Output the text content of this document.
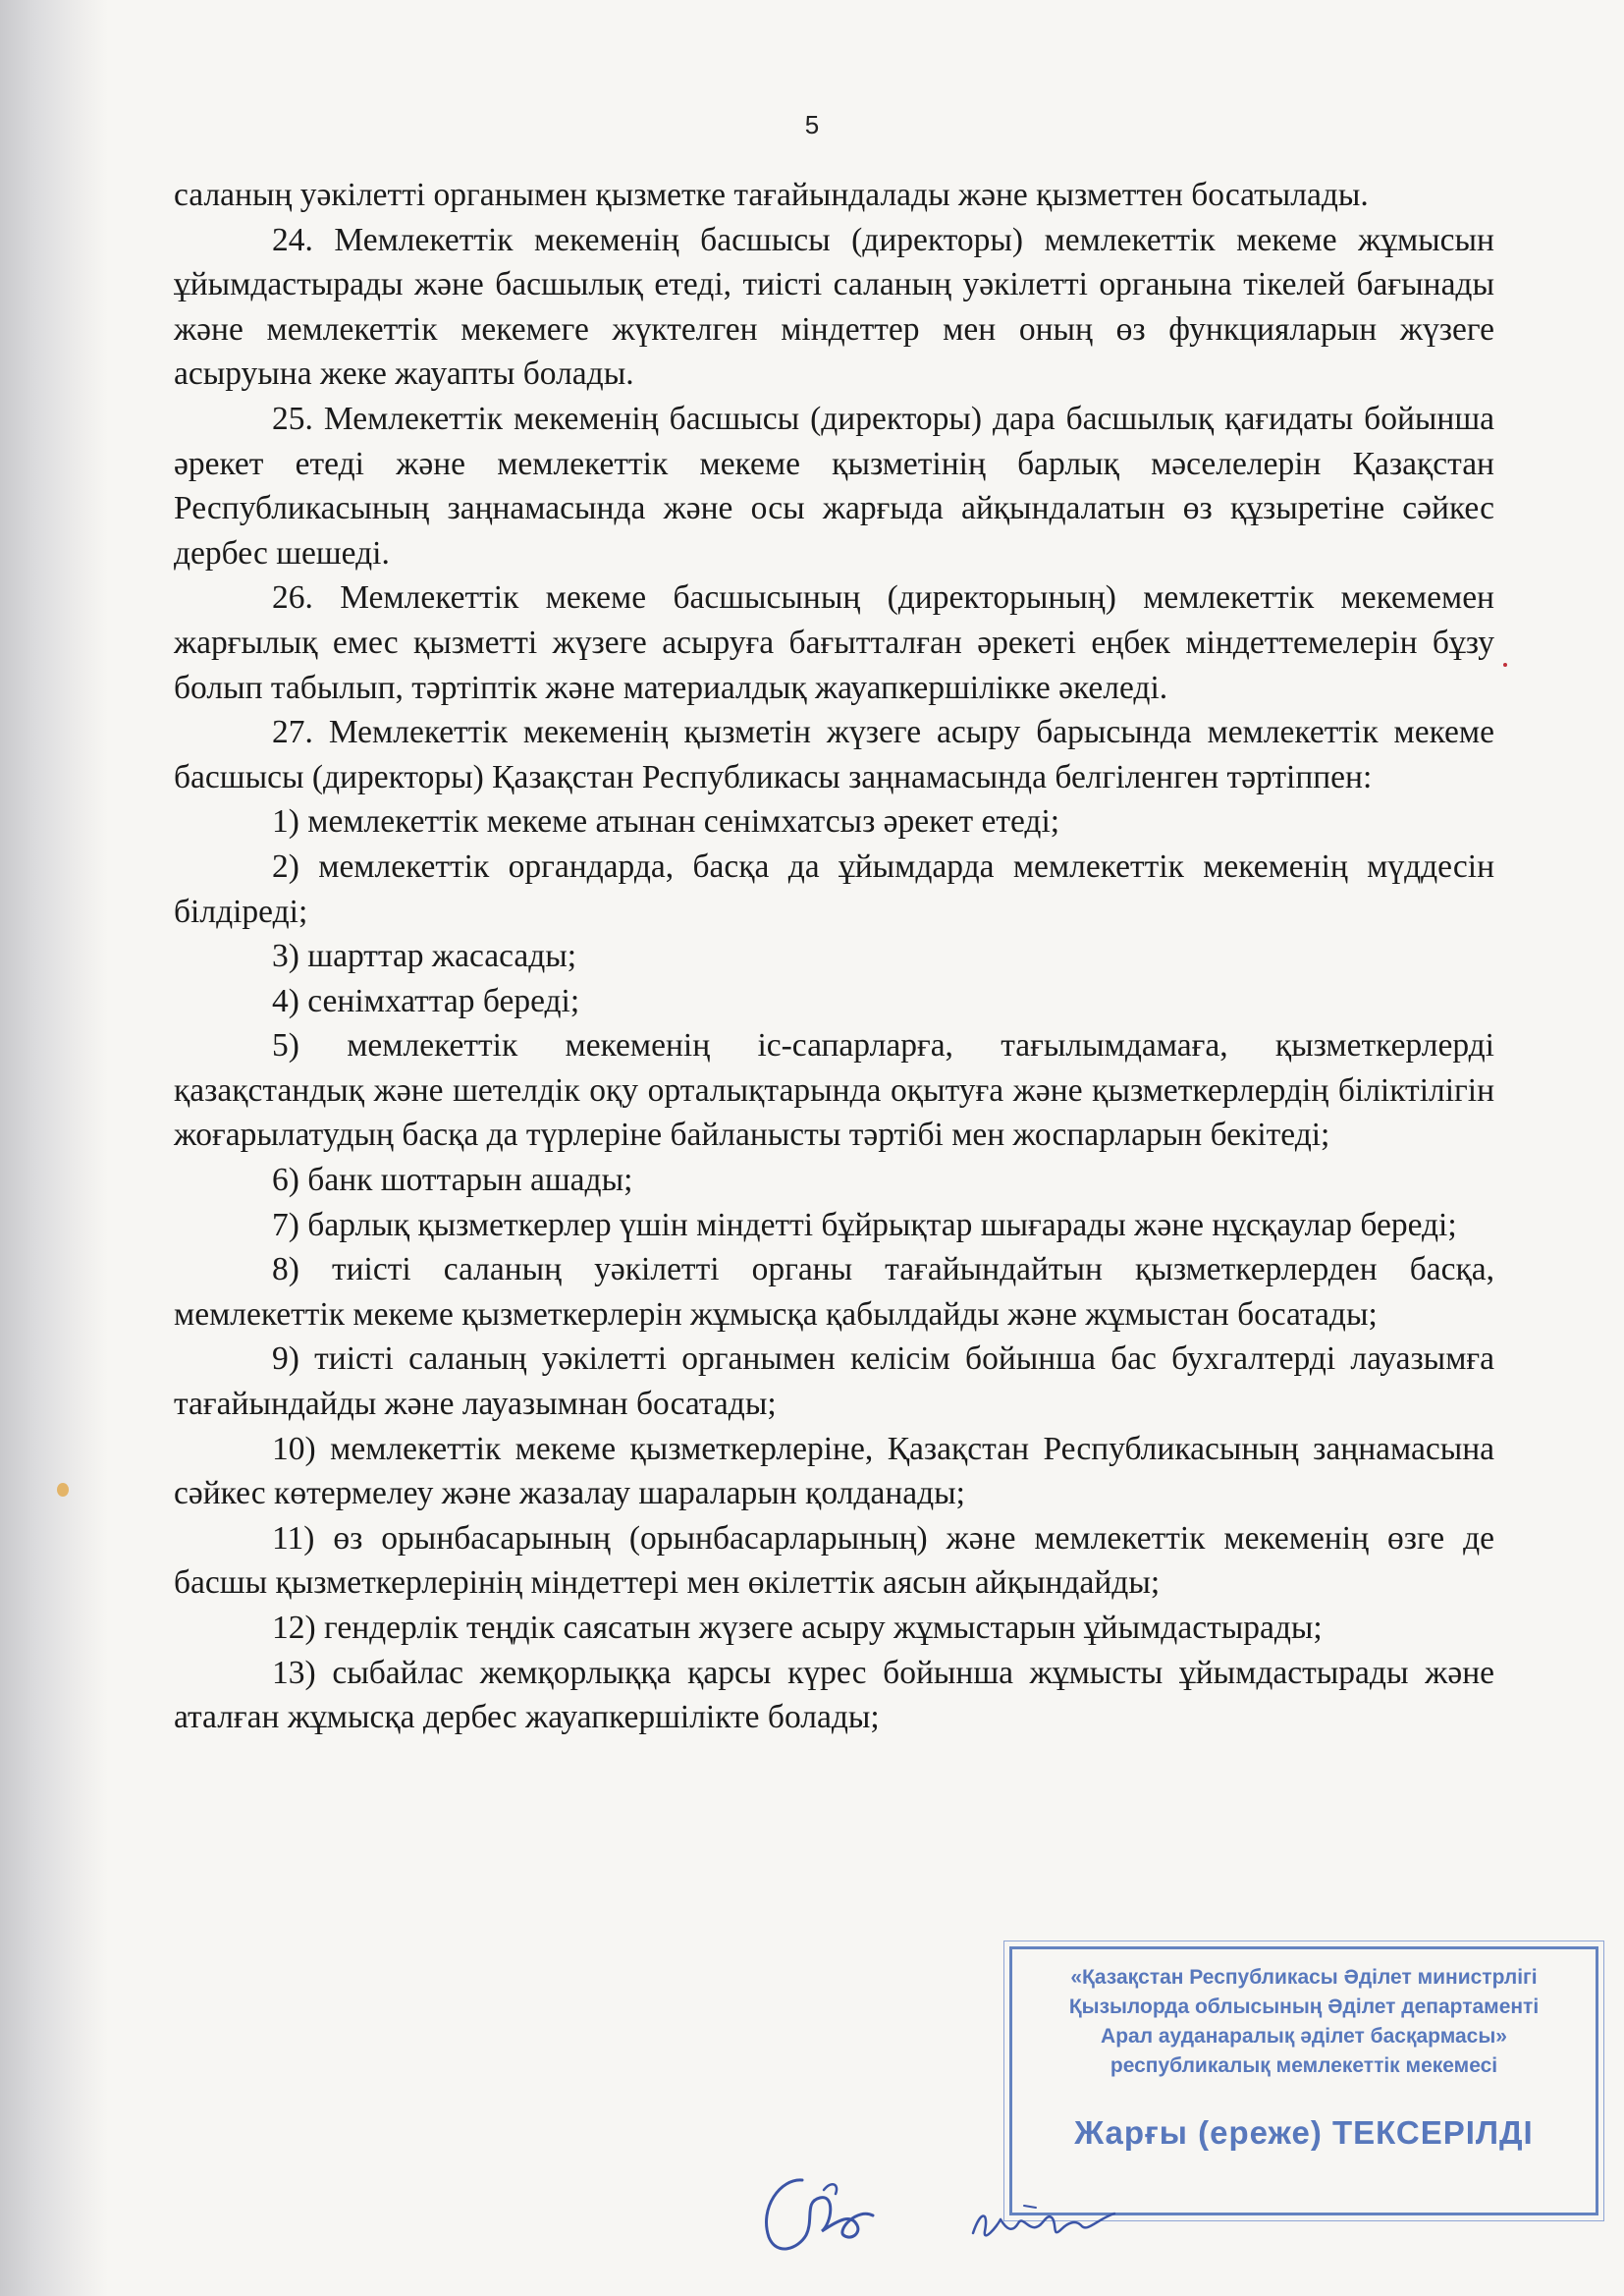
5

саланың уәкілетті органымен қызметке тағайындалады және қызметтен босатылады.

24. Мемлекеттік мекеменің басшысы (директоры) мемлекеттік мекеме жұмысын ұйымдастырады және басшылық етеді, тиісті саланың уәкілетті органына тікелей бағынады және мемлекеттік мекемеге жүктелген міндеттер мен оның өз функцияларын жүзеге асыруына жеке жауапты болады.

25. Мемлекеттік мекеменің басшысы (директоры) дара басшылық қағидаты бойынша әрекет етеді және мемлекеттік мекеме қызметінің барлық мәселелерін Қазақстан Республикасының заңнамасында және осы жарғыда айқындалатын өз құзыретіне сәйкес дербес шешеді.

26. Мемлекеттік мекеме басшысының (директорының) мемлекеттік мекемемен жарғылық емес қызметті жүзеге асыруға бағытталған әрекеті еңбек міндеттемелерін бұзу болып табылып, тәртіптік және материалдық жауапкершілікке әкеледі.

27. Мемлекеттік мекеменің қызметін жүзеге асыру барысында мемлекеттік мекеме басшысы (директоры) Қазақстан Республикасы заңнамасында белгіленген тәртіппен:

1) мемлекеттік мекеме атынан сенімхатсыз әрекет етеді;

2) мемлекеттік органдарда, басқа да ұйымдарда мемлекеттік мекеменің мүддесін білдіреді;

3) шарттар жасасады;

4) сенімхаттар береді;

5) мемлекеттік мекеменің іс-сапарларға, тағылымдамаға, қызметкерлерді қазақстандық және шетелдік оқу орталықтарында оқытуға және қызметкерлердің біліктілігін жоғарылатудың басқа да түрлеріне байланысты тәртібі мен жоспарларын бекітеді;

6) банк шоттарын ашады;

7) барлық қызметкерлер үшін міндетті бұйрықтар шығарады және нұсқаулар береді;

8) тиісті саланың уәкілетті органы тағайындайтын қызметкерлерден басқа, мемлекеттік мекеме қызметкерлерін жұмысқа қабылдайды және жұмыстан босатады;

9) тиісті саланың уәкілетті органымен келісім бойынша бас бухгалтерді лауазымға тағайындайды және лауазымнан босатады;

10) мемлекеттік мекеме қызметкерлеріне, Қазақстан Республикасының заңнамасына сәйкес көтермелеу және жазалау шараларын қолданады;

11) өз орынбасарының (орынбасарларының) және мемлекеттік мекеменің өзге де басшы қызметкерлерінің міндеттері мен өкілеттік аясын айқындайды;

12) гендерлік теңдік саясатын жүзеге асыру жұмыстарын ұйымдастырады;

13) сыбайлас жемқорлыққа қарсы күрес бойынша жұмысты ұйымдастырады және аталған жұмысқа дербес жауапкершілікте болады;

«Қазақстан Республикасы Әділет министрлігі
Қызылорда облысының Әділет департаменті
Арал ауданаралық әділет басқармасы»
республикалық мемлекеттік мекемесі
Жарғы (ереже) ТЕКСЕРІЛДІ
